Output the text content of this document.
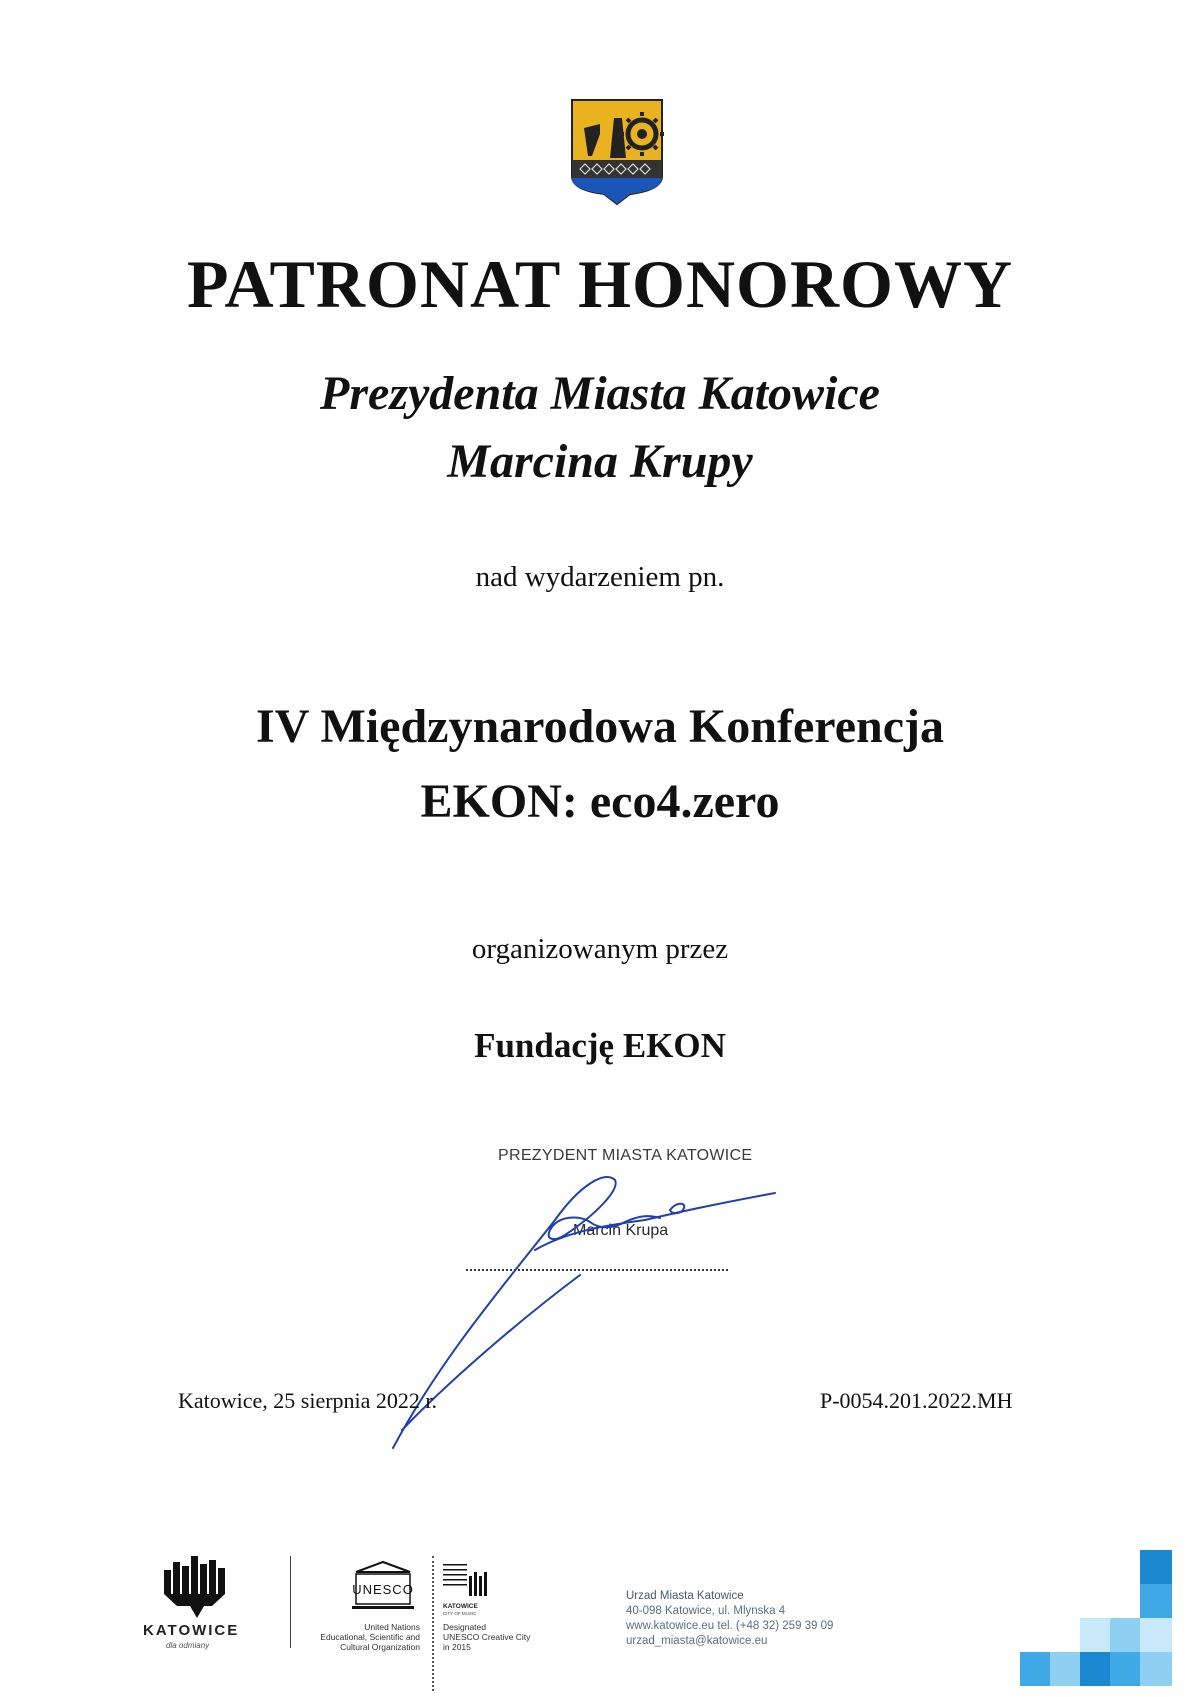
PATRONAT HONOROWY
Prezydenta Miasta Katowice
Marcina Krupy
nad wydarzeniem pn.
IV Międzynarodowa Konferencja
EKON: eco4.zero
organizowanym przez
Fundację EKON
PREZYDENT MIASTA KATOWICE
Marcin Krupa
Katowice, 25 sierpnia 2022 r.	P-0054.201.2022.MH
KATOWICE
dla odmiany
UNESCO
United Nations
Educational, Scientific and
Cultural Organization
KATOWICE
CITY OF MUSIC
Designated
UNESCO Creative City
in 2015
Urzad Miasta Katowice
40-098 Katowice, ul. Mlynska 4
www.katowice.eu tel. (+48 32) 259 39 09
urzad_miasta@katowice.eu
